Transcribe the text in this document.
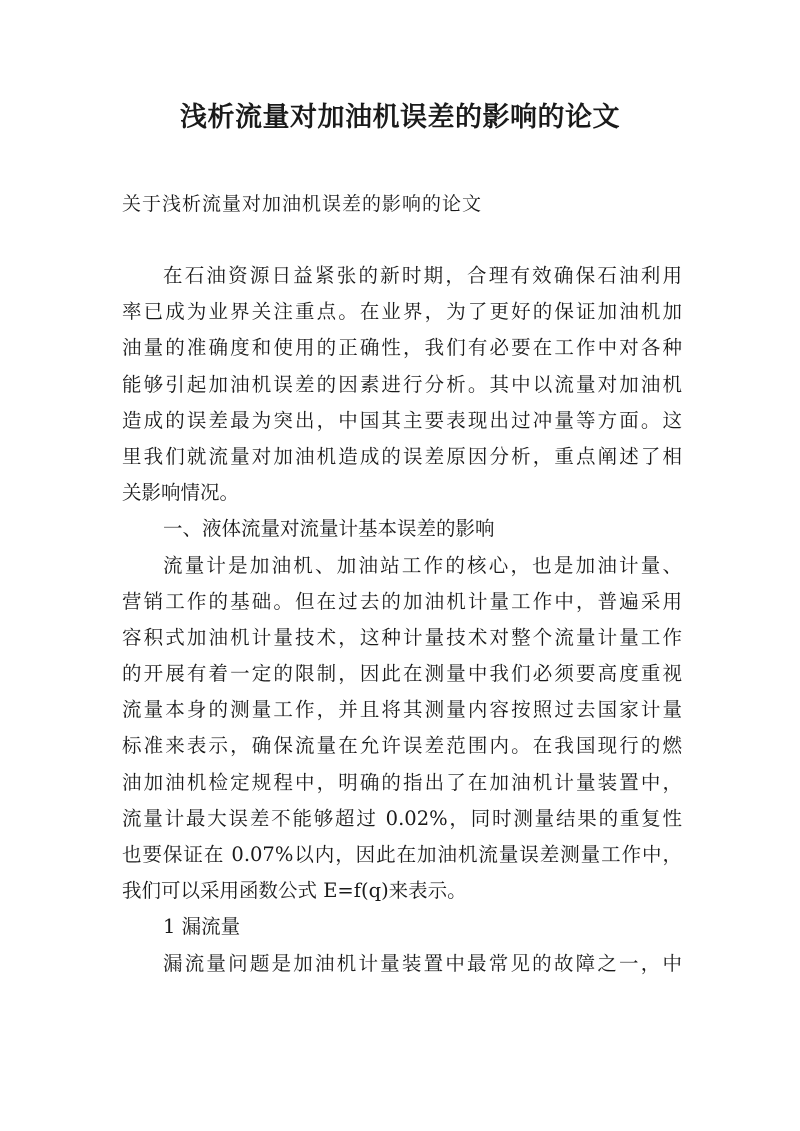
浅析流量对加油机误差的影响的论文
关于浅析流量对加油机误差的影响的论文
在石油资源日益紧张的新时期，合理有效确保石油利用
率已成为业界关注重点。在业界，为了更好的保证加油机加
油量的准确度和使用的正确性，我们有必要在工作中对各种
能够引起加油机误差的因素进行分析。其中以流量对加油机
造成的误差最为突出，中国其主要表现出过冲量等方面。这
里我们就流量对加油机造成的误差原因分析，重点阐述了相
关影响情况。
一、液体流量对流量计基本误差的影响
流量计是加油机、加油站工作的核心，也是加油计量、
营销工作的基础。但在过去的加油机计量工作中，普遍采用
容积式加油机计量技术，这种计量技术对整个流量计量工作
的开展有着一定的限制，因此在测量中我们必须要高度重视
流量本身的测量工作，并且将其测量内容按照过去国家计量
标准来表示，确保流量在允许误差范围内。在我国现行的燃
油加油机检定规程中，明确的指出了在加油机计量装置中，
流量计最大误差不能够超过 0.02%，同时测量结果的重复性
也要保证在 0.07%以内，因此在加油机流量误差测量工作中，
我们可以采用函数公式 E=f(q)来表示。
1 漏流量
漏流量问题是加油机计量装置中最常见的故障之一，中
